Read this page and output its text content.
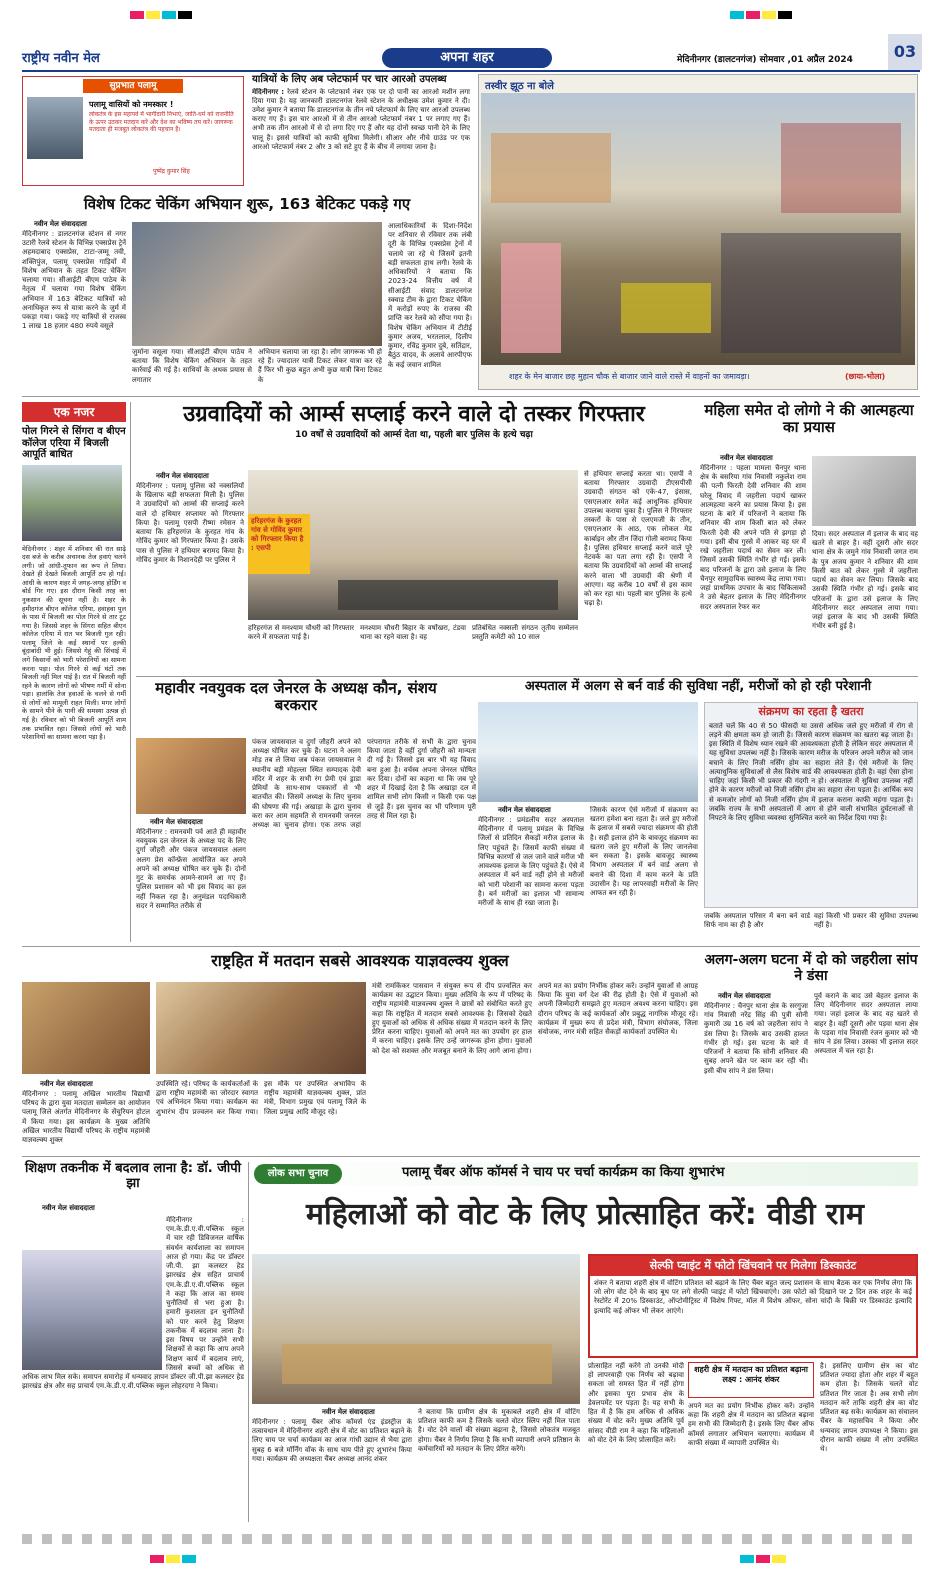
राष्ट्रीय नवीन मेल	अपना शहर	मेदिनीनगर (डालटनगंज) सोमवार ,01 अप्रैल 2024	03
सुप्रभात पलामू
पलामू वासियों को नमस्कार !
लोकतंत्र के इस महापर्व में भागीदारी निभाएं, जाति-धर्म को राजनीति के ऊपर उठकर मतदान करें और देश का भविष्य तय करें। जागरूक मतदाता ही मजबूत लोकतंत्र की पहचान है।
पुष्पेंद्र कुमार सिंह
यात्रियों के लिए अब प्लेटफार्म पर चार आरओ उपलब्ध
मेदिनीनगर : रेलवे स्टेशन के प्लेटफार्म नंबर एक पर दो पानी का आरओ मशीन लगा दिया गया है। यह जानकारी डालटनगंज रेलवे स्टेशन के अधीक्षक उमेश कुमार ने दी। उमेश कुमार ने बताया कि डालटनगंज के तीन नये प्लेटफार्म के लिए चार आरओ उपलब्ध कराए गए हैं। इस चार आरओ में से तीन आरओ प्लेटफार्म नंबर 1 पर लगाए गए हैं। अभी तक तीन आरओ में से दो लगा दिए गए हैं और यह दोनों स्वच्छ पानी देने के लिए चालू है। इससे यात्रियों को काफी सुविधा मिलेगी। सीआर और नीचे ग्राउंड पर एक आरओ प्लेटफार्म नंबर 2 और 3 को सटे हुए हैं के बीच में लगाया जाना है।
तस्वीर झूठ ना बोले
शहर के मेन बाजार छह मुहान चौक से बाजार जाने वाले रास्ते में वाहनों का जमावड़ा।	(छाया-भोला)
विशेष टिकट चेकिंग अभियान शुरू, 163 बेटिकट पकड़े गए
नवीन मेल संवाददाता
मेदिनीनगर : डालटनगंज स्टेशन से नगर उटारी रेलवे स्टेशन के विभिन्न एक्सप्रेस ट्रेनें अहमदाबाद एक्सप्रेस, टाटा-जम्मू तवी, शक्तिपुंज, पलामू एक्सप्रेस गाड़ियों में विशेष अभियान के तहत टिकट चेकिंग चलाया गया। सीआईटी बीएम पाठेय के नेतृत्व में चलाया गया विशेष चेकिंग अभियान में 163 बेटिकट यात्रियों को अनाधिकृत रूप से यात्रा करने के जुर्म में पकड़ा गया। पकड़े गए यात्रियों से राजस्व 1 लाख 18 हजार 480 रुपये वसूले
जुर्माना वसूला गया। सीआईटी बीएम पाठेय ने बताया कि विशेष चेकिंग अभियान के तहत कार्रवाई की गई है। साथियों के अथक प्रयास से लगातार
अभियान चलाया जा रहा है। लोग जागरूक भी हो रहे हैं। ज्यादातर यात्री टिकट लेकर यात्रा कर रहे हैं फिर भी कुछ बहुत अभी कुछ यात्री बिना टिकट के
आलाधिकारियों के दिशा-निर्देश पर शनिवार से रविवार तक लंबी दूरी के विभिन्न एक्सप्रेस ट्रेनों में चलाये जा रहे थे जिसमें इतनी बड़ी सफलता हाथ लगी। रेलवे के अधिकारियों ने बताया कि 2023-24 वित्तीय वर्ष में सीआईटी संवाद डालटनगंज स्क्वाड टीम के द्वारा टिकट चेकिंग में करोड़ों रुपए के राजस्व की प्राप्ति कर रेलवे को सौंपा गया है। विशेष चेकिंग अभियान में टीटीई कुमार अजय, भरतलाल, दिलीप कुमार, रविंद्र कुमार दुबे, सतिंद्रार, बैठुंठ यादव, के अलावे आरपीएफ के कई जवान शामिल
एक नजर
पोल गिरने से सिंगरा व बीएन कॉलेज एरिया में बिजली आपूर्ति बाधित
मेदिनीनगर : शहर में शनिवार की रात साढ़े दस बजे के करीब अचानक तेज हवाएं चलने लगी। जो आंधी-तूफान का रूप ले लिया। देखते ही देखते बिजली आपूर्ति ठप हो गई। आंधी के कारण शहर में जगह-जगह होर्डिंग व बोर्ड गिर गए। इस दौरान किसी तरह का नुकसान की सूचना नहीं है। शहर के हमीदगंज बीएन कॉलेज एरिया, हवाहवा पुल के पास में बिजली का पोल गिरने से तार टूट गया है। जिससे शहर के सिंगरा सहित बीएन कॉलेज एरिया में रात भर बिजली गुल रही। पलामू जिले के कई स्थानों पर हल्की बूंदाबांदी भी हुई। जिससे गेहूं की सिंचाई में लगे किसानों को भारी परेशानियों का सामना करना पड़ा। पोल गिरने से कई घंटों तक बिजली नहीं मिल पाई है। रात में बिजली नहीं रहने के कारण लोगों को भीषण गर्मी में सोना पड़ा। हालांकि तेज हवाओं के चलने से गर्मी से लोगों को मामूली राहत मिली। मगर लोगों के सामने पीने के पानी की समस्या उत्पन्न हो गई है। रविवार को भी बिजली आपूर्ति शाम तक प्रभावित रहा। जिससे लोगों को भारी परेशानियों का सामना करना पड़ा है।
उग्रवादियों को आर्म्स सप्लाई करने वाले दो तस्कर गिरफ्तार
10 वर्षों से उग्रवादियों को आर्म्स देता था, पहली बार पुलिस के हत्थे चढ़ा
नवीन मेल संवाददाता
मेदिनीनगर : पलामू पुलिस को नक्सलियों के खिलाफ बड़ी सफलता मिली है। पुलिस ने उग्रवादियों को आर्म्स की सप्लाई करने वाले दो हथियार सप्लायर को गिरफ्तार किया है। पलामू एसपी रीष्मा रमेसन ने बताया कि हरिहरगंज के कुरहत गांव के गोविंद कुमार को गिरफ्तार किया है। उसके पास से पुलिस ने हथियार बरामद किया है। गोविंद कुमार के निशानदेही पर पुलिस ने
हरिहरगंज के कुरहत गांव से गोविंद कुमार को गिरफ्तार किया है : एसपी
हरिहरगंज से मनश्याम चौधरी को गिरफ्तार करने में सफलता पाई है।
मनश्याम चौधरी बिहार के वर्षोखरा, टंडवा थाना का रहने वाला है। वह
प्रतिबंधित नक्सली संगठन तृतीय सम्मेलन प्रस्तुति कमेटी को 10 साल
से हथियार सप्लाई करता था। एसपी ने बताया गिरफ्तार उग्रवादी टीएसपीसी उग्रवादी संगठन को एके-47, इंसास, एसएलआर समेत कई आधुनिक हथियार उपलब्ध कराया चुका है। पुलिस ने गिरफ्तार तस्करों के पास से एलएमजी के तीन, एसएलआर के आठ, एक लोकल मेड कार्बाइन और तीन जिंदा गोली बरामद किया है। पुलिस हथियार सप्लाई करने वाले पूरे नेटवर्क का पता लगा रही है। एसपी ने बताया कि उग्रवादियों को आर्म्स की सप्लाई करने वाला भी उग्रवादी की श्रेणी में आएगा। यह करीब 10 वर्षों से इस काम को कर रहा था। पहली बार पुलिस के हत्थे चढ़ा है।
महिला समेत दो लोगो ने की आत्महत्या का प्रयास
नवीन मेल संवाददाता
मेदिनीनगर : पहला मामला चैनपुर थाना क्षेत्र के बसरिया गांव निवासी नकुलेश राम की पत्नी फिरती देवी शनिवार की शाम घरेलू विवाद में जहरीला पदार्थ खाकर आत्महत्या करने का प्रयास किया है। इस घटना के बारे में परिजनों ने बताया कि शनिवार की शाम किसी बात को लेकर फिरती देवी की अपने पति से झगड़ा हो गया। इसी बीच गुस्से में आकर वह घर में रखे जहरीला पदार्थ का सेवन कर ली। जिसमें उसकी स्थिति गंभीर हो गई। इसके बाद परिजनों के द्वारा उसे इलाज के लिए चैनपुर सामुदायिक स्वास्थ्य केंद्र लाया गया। जहां प्राथमिक उपचार के बाद चिकित्सकों ने उसे बेहतर इलाज के लिए मेदिनीनगर सदर अस्पताल रेफर कर
दिया। सदर अस्पताल में इलाज के बाद वह खतरे से बाहर है। वहीं दूसरी ओर सदर थाना क्षेत्र के जमुने गांव निवासी जगत राम के पुत्र अजय कुमार ने शनिवार की शाम किसी बात को लेकर गुस्से में जहरीला पदार्थ का सेवन कर लिया। जिसके बाद उसकी स्थिति गंभीर हो गई। इसके बाद परिजनों के द्वारा उसे इलाज के लिए मेदिनीनगर सदर अस्पताल लाया गया। जहां इलाज के बाद भी उसकी स्थिति गंभीर बनी हुई है।
महावीर नवयुवक दल जेनरल के अध्यक्ष कौन, संशय बरकरार
नवीन मेल संवाददाता
मेदिनीनगर : रामनवमी पर्व आते ही महावीर नवयुवक दल जेनरल के अध्यक्ष पद के लिए दुर्गा जौहरी और पंकज जायसवाल अलग अलग प्रेस कॉन्फ्रेंस आयोजित कर अपने अपने को अध्यक्ष घोषित कर चुके हैं। दोनों गुट के समर्थक आमने-सामने आ गए हैं। पुलिस प्रशासन को भी इस विवाद का हल नहीं निकल रहा है। अनुमंडल पदाधिकारी सदर ने सम्मानित तरीके से
पंकज जायसवाल व दुर्गा जौहरी अपने को अध्यक्ष घोषित कर चुके हैं। घटना ने अलग मोड़ तब ले लिया जब पंकज जायसवाल ने स्थानीय बड़ी मोहल्ला स्थित सम्पादक देवी मंदिर में शहर के सभी रंग प्रेमी एवं ड्राडा प्रेमियों के साथ-साथ पत्रकारों से भी बातचीत की। जिसमें अध्यक्ष के लिए चुनाव की घोषणा की गई। अखाड़ा के द्वारा चुनाव करा कर आम सहमति से रामनवमी जनरल अध्यक्ष का चुनाव होगा। एक तरफ जहां परंपरागत तरीके से सभी के द्वारा चुनाव किया जाता है वहीं दुर्गा जौहरी को मान्यता दी गई है। जिससे इस बार भी यह विवाद बना हुआ है। वर्चस्व अपना जेनरल घोषित कर दिया। दोनों का कहना था कि जब पूरे शहर में दिखाई देता है कि अखाड़ा दल में शामिल सभी लोग किसी न किसी एक पक्ष से जुड़े हैं। इस चुनाव का भी परिणाम पूरी तरह से मिल रहा है।
अस्पताल में अलग से बर्न वार्ड की सुविधा नहीं, मरीजों को हो रही परेशानी
नवीन मेल संवाददाता
मेदिनीनगर : प्रमंडलीय सदर अस्पताल मेदिनीनगर में पलामू प्रमंडल के विभिन्न जिलों से प्रतिदिन सैकड़ों मरीज इलाज के लिए पहुंचते हैं। जिसमें काफी संख्या में विभिन्न कारणों से जल जाने वाले मरीज भी आवश्यक इलाज के लिए पहुंचते हैं। ऐसे में अस्पताल में बर्न वार्ड नहीं होने से मरीजों को भारी परेशानी का सामना करना पड़ता है। बर्न मरीजों का इलाज भी सामान्य मरीजों के साथ ही रखा जाता है।
जिसके कारण ऐसे मरीजों में संक्रमण का खतरा हमेशा बना रहता है। जले हुए मरीजों के इलाज में सबसे ज्यादा संक्रमण की होती है। सही इलाज होने के बावजूद संक्रमण का खतरा जले हुए मरीजों के लिए जानलेवा बन सकता है। इसके बावजूद स्वास्थ्य विभाग अस्पताल में बर्न वार्ड अलग से बनाने की दिशा में काम करने के प्रति उदासीन है। यह लापरवाही मरीजों के लिए आफत बन रही है।
संक्रमण का रहता है खतरा
बताते चलें कि 40 से 50 फीसदी या उससे अधिक जले हुए मरीजों में रोग से लड़ने की क्षमता कम हो जाती है। जिससे कारण संक्रमण का खतरा बढ़ जाता है। इस स्थिति में विशेष ध्यान रखने की आवश्यकता होती है लेकिन सदर अस्पताल में यह सुविधा उपलब्ध नहीं है। जिसके कारण मरीज के परिजन अपने मरीज को जान बचाने के लिए निजी नर्सिंग होम का सहारा लेते हैं। ऐसे मरीजों के लिए अत्याधुनिक सुविधाओं से लैस विशेष वार्ड की आवश्यकता होती है। वहां ऐसा होना चाहिए जहां किसी भी प्रकार की गंदगी न हो। अस्पताल में सुविधा उपलब्ध नहीं होने के कारण मरीजों को निजी नर्सिंग होम का सहारा लेना पड़ता है। आर्थिक रूप से कमजोर लोगों को निजी नर्सिंग होम में इलाज कराना काफी महंगा पड़ता है। जबकि राज्य के सभी अस्पतालों में आग से होने वाली संभावित दुर्घटनाओं से निपटने के लिए सुविधा व्यवस्था सुनिश्चित करने का निर्देश दिया गया है।
जबकि अस्पताल परिसर में बना बर्न वार्ड सिर्फ नाम का ही है और
वहां किसी भी प्रकार की सुविधा उपलब्ध नहीं है।
राष्ट्रहित में मतदान सबसे आवश्यक याज्ञवल्क्य शुक्ल
नवीन मेल संवाददाता
मेदिनीनगर : पलामू अखिल भारतीय विद्यार्थी परिषद के द्वारा युवा मतदाता सम्मेलन का आयोजन पलामू जिले अंतर्गत मेदिनीनगर के सेंचुरियन होटल में किया गया। इस कार्यक्रम के मुख्य अतिथि अखिल भारतीय विद्यार्थी परिषद के राष्ट्रीय महामंत्री याज्ञवल्क्य शुक्ल
उपस्थिति रहे। परिषद के कार्यकर्ताओं के द्वारा राष्ट्रीय महामंत्री का जोरदार स्वागत एवं अभिनंदन किया गया। कार्यक्रम का शुभारंभ दीप प्रज्वलन कर किया गया। इस मौके पर उपस्थित अभाविप के राष्ट्रीय महामंत्री याज्ञवल्क्य शुक्ल, प्रांत मंत्री, विभाग प्रमुख एवं पलामू जिले के जिला प्रमुख आदि मौजूद रहे।
मंत्री रामकिंकर पासवान ने संयुक्त रूप से दीप प्रज्वलित कर कार्यक्रम का उद्घाटन किया। मुख्य अतिथि के रूप में परिषद के राष्ट्रीय महामंत्री याज्ञवल्क्य शुक्ल ने छात्रों को संबोधित करते हुए कहा कि राष्ट्रहित में मतदान सबसे आवश्यक है। जिसको देखते हुए युवाओं को अधिक से अधिक संख्या में मतदान करने के लिए प्रेरित करना चाहिए। युवाओं को अपने मत का उपयोग हर हाल में करना चाहिए। इसके लिए उन्हें जागरूक होना होगा। युवाओं को देश को सशक्त और मजबूत बनाने के लिए आगे आना होगा।
अपने मत का प्रयोग निर्भीक होकर करें। उन्होंने युवाओं से आग्रह किया कि युवा वर्ग देश की रीढ़ होती है। ऐसे में युवाओं को अपनी जिम्मेदारी समझते हुए मतदान अवश्य करना चाहिए। इस दौरान परिषद के कई कार्यकर्ता और प्रबुद्ध नागरिक मौजूद रहे। कार्यक्रम में मुख्य रूप से प्रदेश मंत्री, विभाग संयोजक, जिला संयोजक, नगर मंत्री सहित सैकड़ों कार्यकर्ता उपस्थित थे।
अलग-अलग घटना में दो को जहरीला सांप ने डंसा
नवीन मेल संवाददाता
मेदिनीनगर : चैनपुर थाना क्षेत्र के सरगुजा गांव निवासी नरेंद्र सिंह की पुत्री सोनी कुमारी उम्र 16 वर्ष को जहरीला सांप ने डंस लिया है। जिसके बाद उसकी हालत गंभीर हो गई। इस घटना के बारे में परिजनों ने बताया कि सोनी शनिवार की सुबह अपने खेत पर काम कर रही थी। इसी बीच सांप ने डंस लिया।
पूर्व कराने के बाद उसे बेहतर इलाज के लिए मेदिनीनगर सदर अस्पताल लाया गया। जहां इलाज के बाद वह खतरे से बाहर है। वहीं दूसरी ओर पड़वा थाना क्षेत्र के पड़वा गांव निवासी रंजन कुमार को भी सांप ने डंस लिया। उसका भी इलाज सदर अस्पताल में चल रहा है।
शिक्षण तकनीक में बदलाव लाना है: डॉ. जीपी झा
नवीन मेल संवाददाता
मेदिनीनगर : एम.के.डी.ए.वी.पब्लिक स्कूल में चार रही डिविजनल वार्षिक संवर्धन कार्यशाला का समापन आज हो गया। केंद्र पर डॉक्टर जी.पी. झा कलस्टर हेड झारखंड क्षेत्र सहित प्राचार्य एम.के.डी.ए.वी.पब्लिक स्कूल ने कहा कि आज का समय चुनौतियों से भरा हुआ है। हमारी कुशलता इन चुनौतियों को पार करने हेतु शिक्षण तकनीक में बदलाव लाना है। इस विषय पर उन्होंने सभी शिक्षकों से कहा कि आप अपने शिक्षण कार्य में बदलाव लाएं, जिससे बच्चों को अधिक से अधिक लाभ मिल सके। समापन समारोह में धन्यवाद ज्ञापन डॉक्टर जी.पी.झा कलस्टर हेड झारखंड क्षेत्र और सह प्राचार्य एम.के.डी.ए.वी.पब्लिक स्कूल लोहरदगा ने किया।
लोक सभा चुनाव	पलामू चैंबर ऑफ कॉमर्स ने चाय पर चर्चा कार्यक्रम का किया शुभारंभ
महिलाओं को वोट के लिए प्रोत्साहित करें: वीडी राम
नवीन मेल संवाददाता
मेदिनीनगर : पलामू चैंबर ऑफ कॉमर्स एंड इंडस्ट्रीज के तत्वावधान में मेदिनीनगर शहरी क्षेत्र में वोट का प्रतिशत बढ़ाने के लिए चाय पर चर्चा कार्यक्रम का आज गांधी उद्यान से भैया द्वारा सुबह 6 बजे मॉर्निंग वॉक के साथ चाय पीते हुए शुभारंभ किया गया। कार्यक्रम की अध्यक्षता चैंबर अध्यक्ष आनंद शंकर
ने बताया कि ग्रामीण क्षेत्र के मुकाबले शहरी क्षेत्र में वोटिंग प्रतिशत काफी कम है जिसके चलते वोटर स्लिप नहीं मिल पाता है। वोट देने वालों की संख्या बढ़ाना है, जिससे लोकतंत्र मजबूत होगा। चैंबर ने निर्णय लिया है कि सभी व्यापारी अपने प्रतिष्ठान के कर्मचारियों को मतदान के लिए प्रेरित करेंगे।
सेल्फी प्वाइंट में फोटो खिंचवाने पर मिलेगा डिस्काउंट
शंकर ने बताया शहरी क्षेत्र में वोटिंग प्रतिशत को बढ़ाने के लिए चैंबर बहुत जल्द प्रशासन के साथ बैठक कर एक निर्णय लेगा कि जो लोग वोट देने के बाद बूथ पर लगे सेल्फी प्वाइंट में फोटो खिंचवाएंगे। उस फोटो को दिखाने पर 2 दिन तक शहर के कई रेस्टोरेंट में 20% डिस्काउंट, ऑप्टोमीट्रिस्ट में विशेष गिफ्ट, मॉल में विशेष ऑफर, सोना चांदी के बिक्री पर डिस्काउंट इत्यादि इत्यादि कई ऑफर भी लेकर आएंगे।
प्रोत्साहित नहीं करेंगे तो उनकी मोदी हो लापरवाही एक निर्णय को बढ़ावा सकता जो समस्त हित में नहीं होगा और इसका पूरा प्रभाव क्षेत्र के डेवलपमेंट पर पड़ता है। यह सभी के हित में है कि हम अधिक से अधिक संख्या में वोट करें। मुख्य अतिथि पूर्व सांसद वीडी राम ने कहा कि महिलाओं को वोट देने के लिए प्रोत्साहित करें।
शहरी क्षेत्र में मतदान का प्रतिशत बढ़ाना लक्ष्य : आनंद शंकर
अपने मत का प्रयोग निर्भीक होकर करें। उन्होंने कहा कि शहरी क्षेत्र में मतदान का प्रतिशत बढ़ाना हम सभी की जिम्मेदारी है। इसके लिए चैंबर ऑफ कॉमर्स लगातार अभियान चलाएगा। कार्यक्रम में काफी संख्या में व्यापारी उपस्थित थे।
है। इसलिए ग्रामीण क्षेत्र का वोट प्रतिशत ज्यादा होता और शहर में बहुत कम होता है। जिसके चलते वोट प्रतिशत गिर जाता है। अब सभी लोग मतदान करें ताकि शहरी क्षेत्र का वोट प्रतिशत बढ़ सके। कार्यक्रम का संचालन चैंबर के महासचिव ने किया और धन्यवाद ज्ञापन उपाध्यक्ष ने किया। इस दौरान काफी संख्या में लोग उपस्थित थे।
